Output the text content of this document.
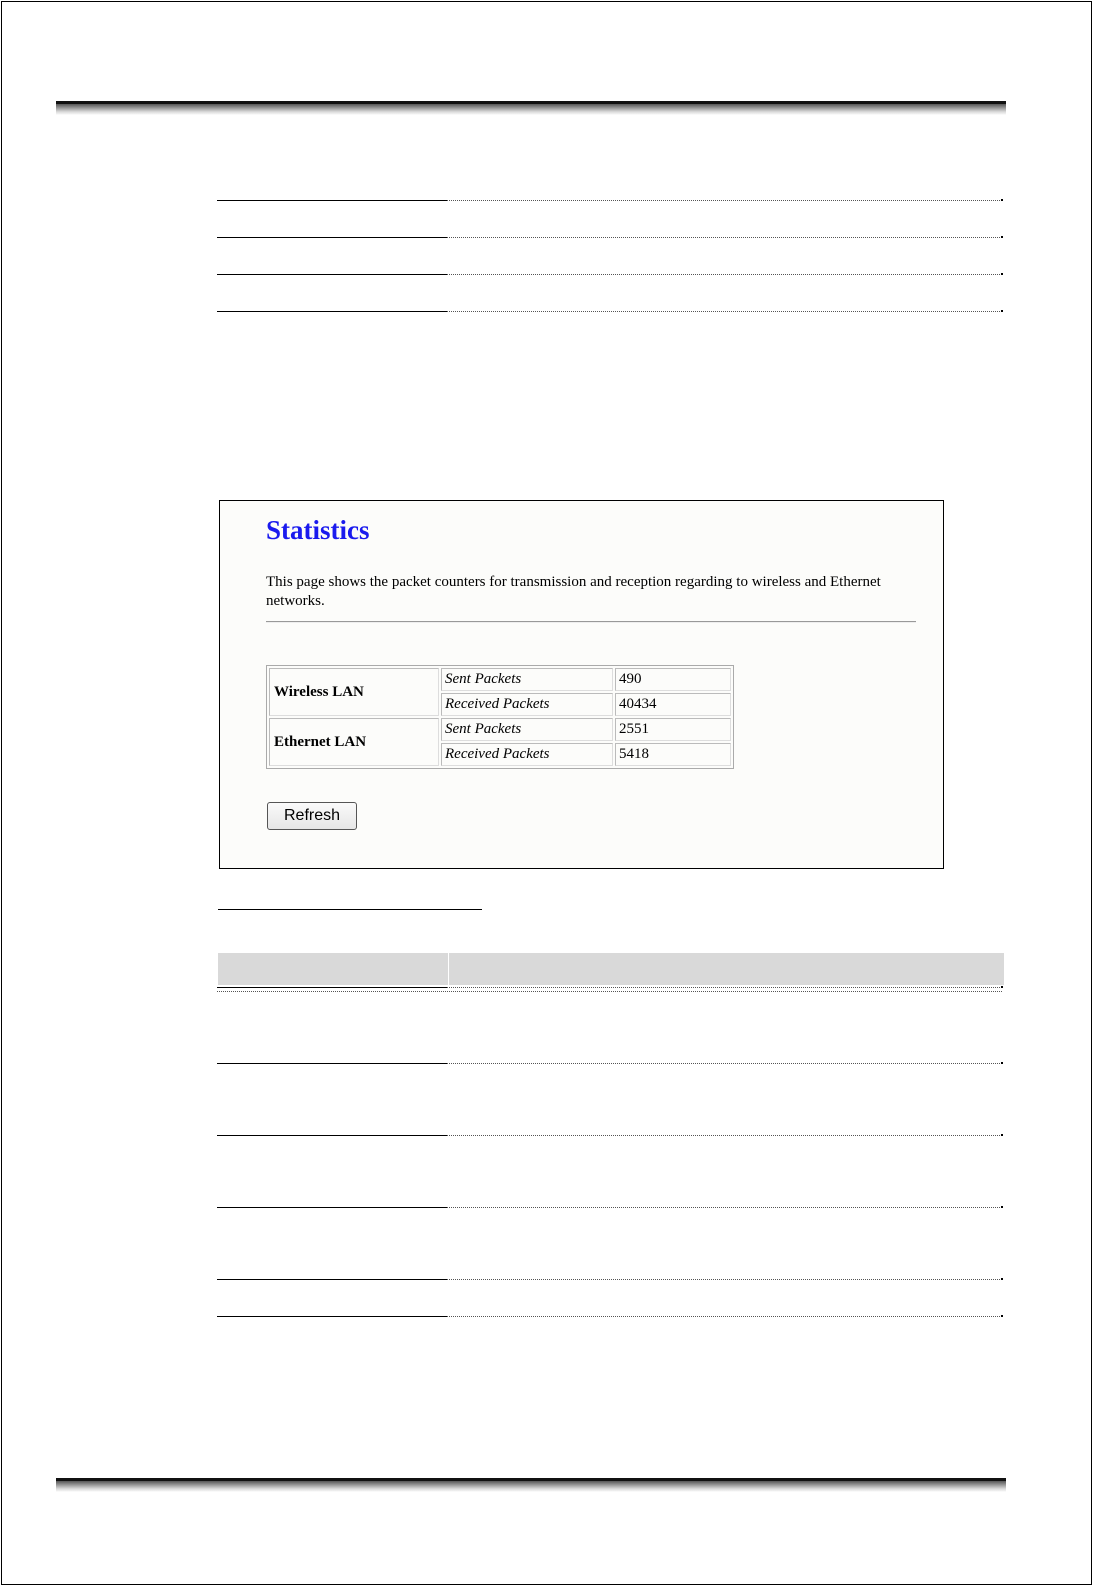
Statistics

This page shows the packet counters for transmission and reception regarding to wireless and Ethernet networks.

Wireless LAN	Sent Packets	490
	Received Packets	40434
Ethernet LAN	Sent Packets	2551
	Received Packets	5418
Refresh
